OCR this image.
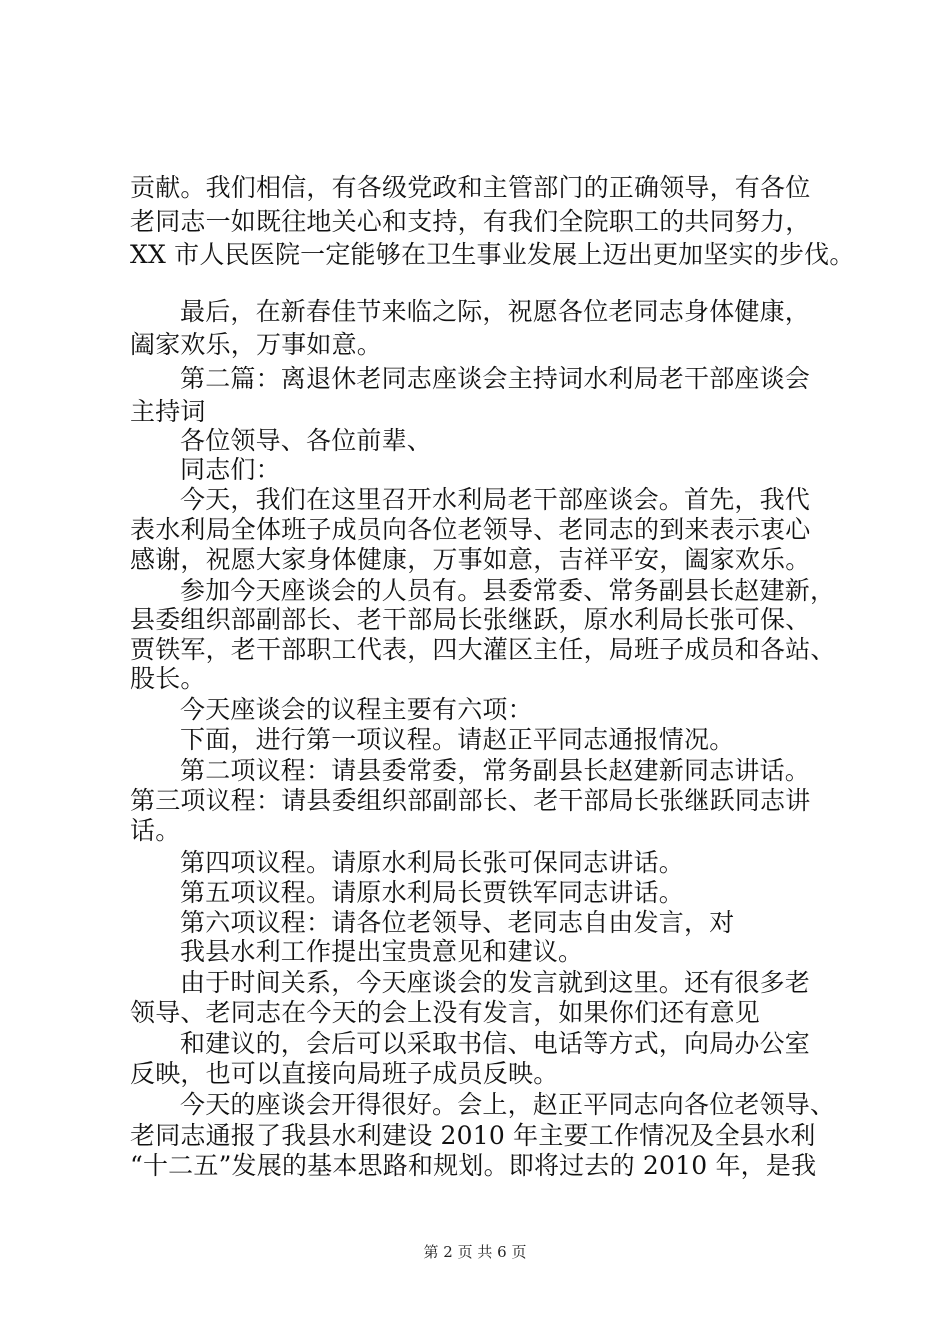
贡献。我们相信，有各级党政和主管部门的正确领导，有各位
老同志一如既往地关心和支持，有我们全院职工的共同努力，
XX 市人民医院一定能够在卫生事业发展上迈出更加坚实的步伐。
最后，在新春佳节来临之际，祝愿各位老同志身体健康，
阖家欢乐，万事如意。
第二篇：离退休老同志座谈会主持词水利局老干部座谈会
主持词
各位领导、各位前辈、
同志们：
今天，我们在这里召开水利局老干部座谈会。首先，我代
表水利局全体班子成员向各位老领导、老同志的到来表示衷心
感谢，祝愿大家身体健康，万事如意，吉祥平安，阖家欢乐。
参加今天座谈会的人员有。县委常委、常务副县长赵建新，
县委组织部副部长、老干部局长张继跃，原水利局长张可保、
贾铁军，老干部职工代表，四大灌区主任，局班子成员和各站、
股长。
今天座谈会的议程主要有六项：
下面，进行第一项议程。请赵正平同志通报情况。
第二项议程：请县委常委，常务副县长赵建新同志讲话。
第三项议程：请县委组织部副部长、老干部局长张继跃同志讲
话。
第四项议程。请原水利局长张可保同志讲话。
第五项议程。请原水利局长贾铁军同志讲话。
第六项议程：请各位老领导、老同志自由发言，对
我县水利工作提出宝贵意见和建议。
由于时间关系，今天座谈会的发言就到这里。还有很多老
领导、老同志在今天的会上没有发言，如果你们还有意见
和建议的，会后可以采取书信、电话等方式，向局办公室
反映，也可以直接向局班子成员反映。
今天的座谈会开得很好。会上，赵正平同志向各位老领导、
老同志通报了我县水利建设 2010 年主要工作情况及全县水利
“十二五”发展的基本思路和规划。即将过去的 2010 年，是我
第 2 页 共 6 页
